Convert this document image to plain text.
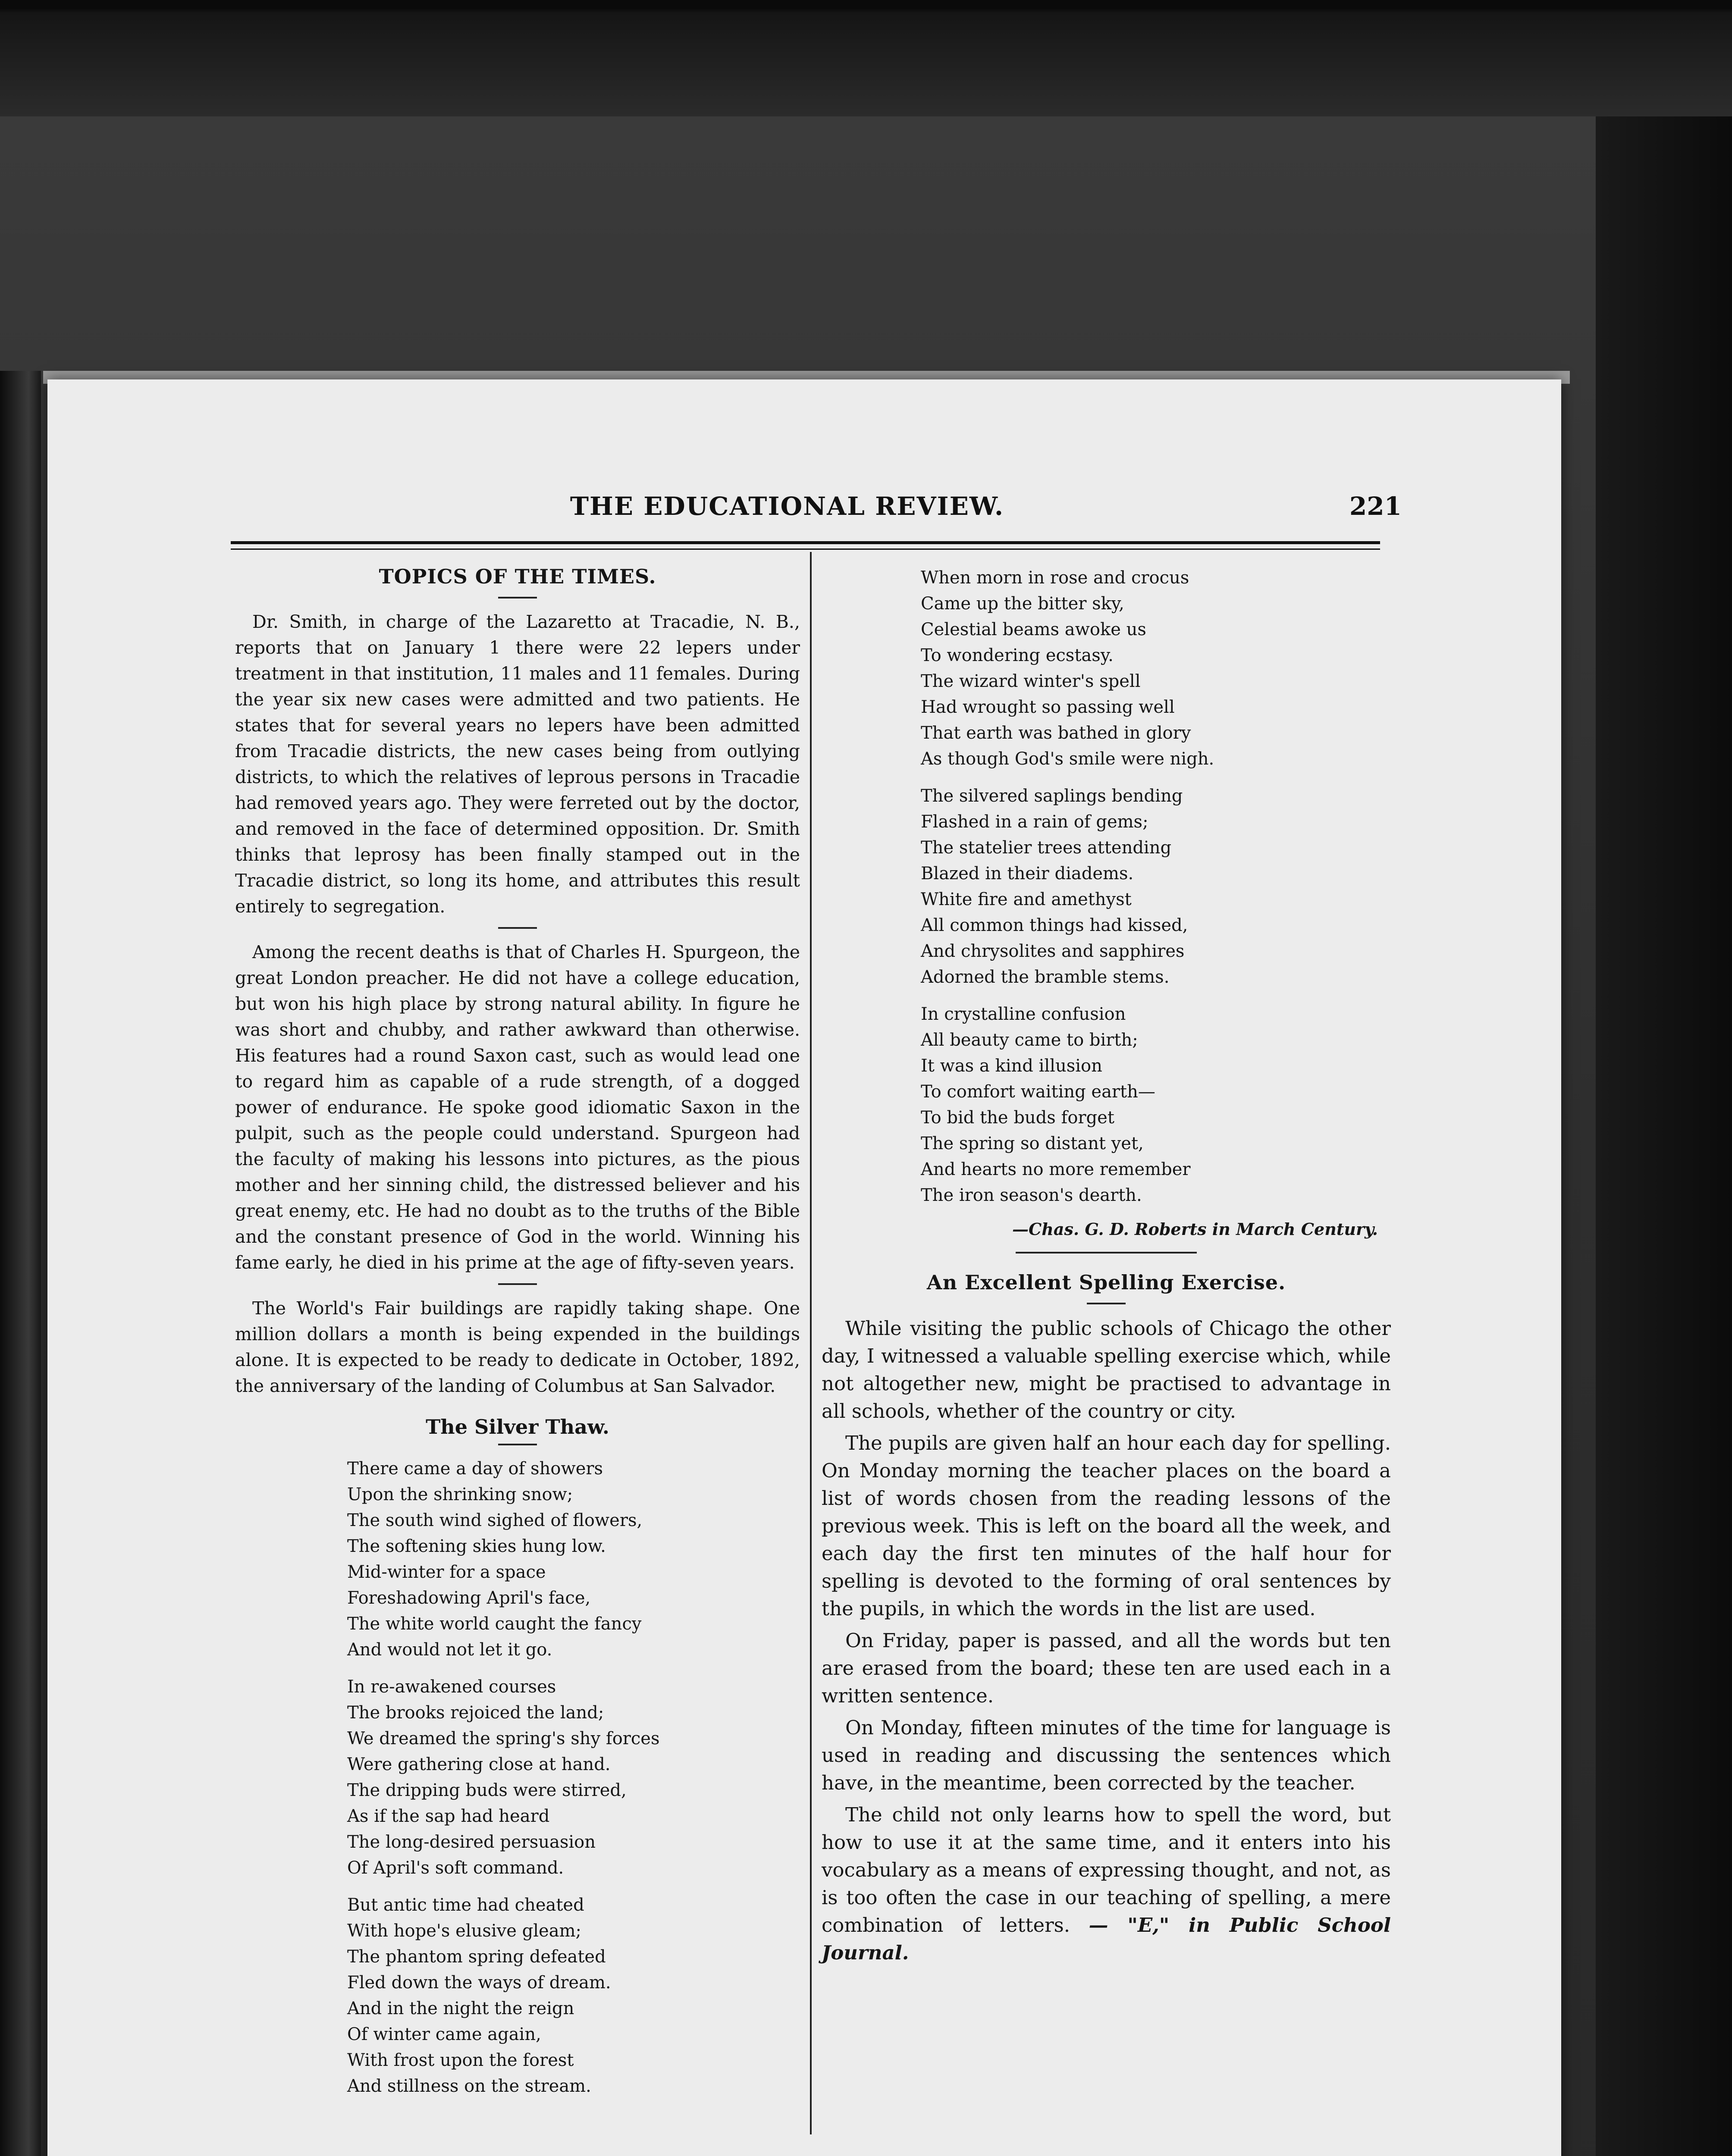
THE EDUCATIONAL REVIEW.	221
TOPICS OF THE TIMES.

Dr. Smith, in charge of the Lazaretto at Tracadie, N. B., reports that on January 1 there were 22 lepers under treatment in that institution, 11 males and 11 females. During the year six new cases were admitted and two patients. He states that for several years no lepers have been admitted from Tracadie districts, the new cases being from outlying districts, to which the relatives of leprous persons in Tracadie had removed years ago. They were ferreted out by the doctor, and removed in the face of determined opposition. Dr. Smith thinks that leprosy has been finally stamped out in the Tracadie district, so long its home, and attributes this result entirely to segregation.

Among the recent deaths is that of Charles H. Spurgeon, the great London preacher. He did not have a college education, but won his high place by strong natural ability. In figure he was short and chubby, and rather awkward than otherwise. His features had a round Saxon cast, such as would lead one to regard him as capable of a rude strength, of a dogged power of endurance. He spoke good idiomatic Saxon in the pulpit, such as the people could understand. Spurgeon had the faculty of making his lessons into pictures, as the pious mother and her sinning child, the distressed believer and his great enemy, etc. He had no doubt as to the truths of the Bible and the constant presence of God in the world. Winning his fame early, he died in his prime at the age of fifty-seven years.

The World's Fair buildings are rapidly taking shape. One million dollars a month is being expended in the buildings alone. It is expected to be ready to dedicate in October, 1892, the anniversary of the landing of Columbus at San Salvador.

The Silver Thaw.
There came a day of showers
Upon the shrinking snow;
The south wind sighed of flowers,
The softening skies hung low.
Mid-winter for a space
Foreshadowing April's face,
The white world caught the fancy
And would not let it go.
In re-awakened courses
The brooks rejoiced the land;
We dreamed the spring's shy forces
Were gathering close at hand.
The dripping buds were stirred,
As if the sap had heard
The long-desired persuasion
Of April's soft command.
But antic time had cheated
With hope's elusive gleam;
The phantom spring defeated
Fled down the ways of dream.
And in the night the reign
Of winter came again,
With frost upon the forest
And stillness on the stream.
When morn in rose and crocus
Came up the bitter sky,
Celestial beams awoke us
To wondering ecstasy.
The wizard winter's spell
Had wrought so passing well
That earth was bathed in glory
As though God's smile were nigh.
The silvered saplings bending
Flashed in a rain of gems;
The statelier trees attending
Blazed in their diadems.
White fire and amethyst
All common things had kissed,
And chrysolites and sapphires
Adorned the bramble stems.
In crystalline confusion
All beauty came to birth;
It was a kind illusion
To comfort waiting earth—
To bid the buds forget
The spring so distant yet,
And hearts no more remember
The iron season's dearth.
—Chas. G. D. Roberts in March Century.
An Excellent Spelling Exercise.

While visiting the public schools of Chicago the other day, I witnessed a valuable spelling exercise which, while not altogether new, might be practised to advantage in all schools, whether of the country or city.

The pupils are given half an hour each day for spelling. On Monday morning the teacher places on the board a list of words chosen from the reading lessons of the previous week. This is left on the board all the week, and each day the first ten minutes of the half hour for spelling is devoted to the forming of oral sentences by the pupils, in which the words in the list are used.

On Friday, paper is passed, and all the words but ten are erased from the board; these ten are used each in a written sentence.

On Monday, fifteen minutes of the time for language is used in reading and discussing the sentences which have, in the meantime, been corrected by the teacher.

The child not only learns how to spell the word, but how to use it at the same time, and it enters into his vocabulary as a means of expressing thought, and not, as is too often the case in our teaching of spelling, a mere combination of letters. — "E," in Public School Journal.
